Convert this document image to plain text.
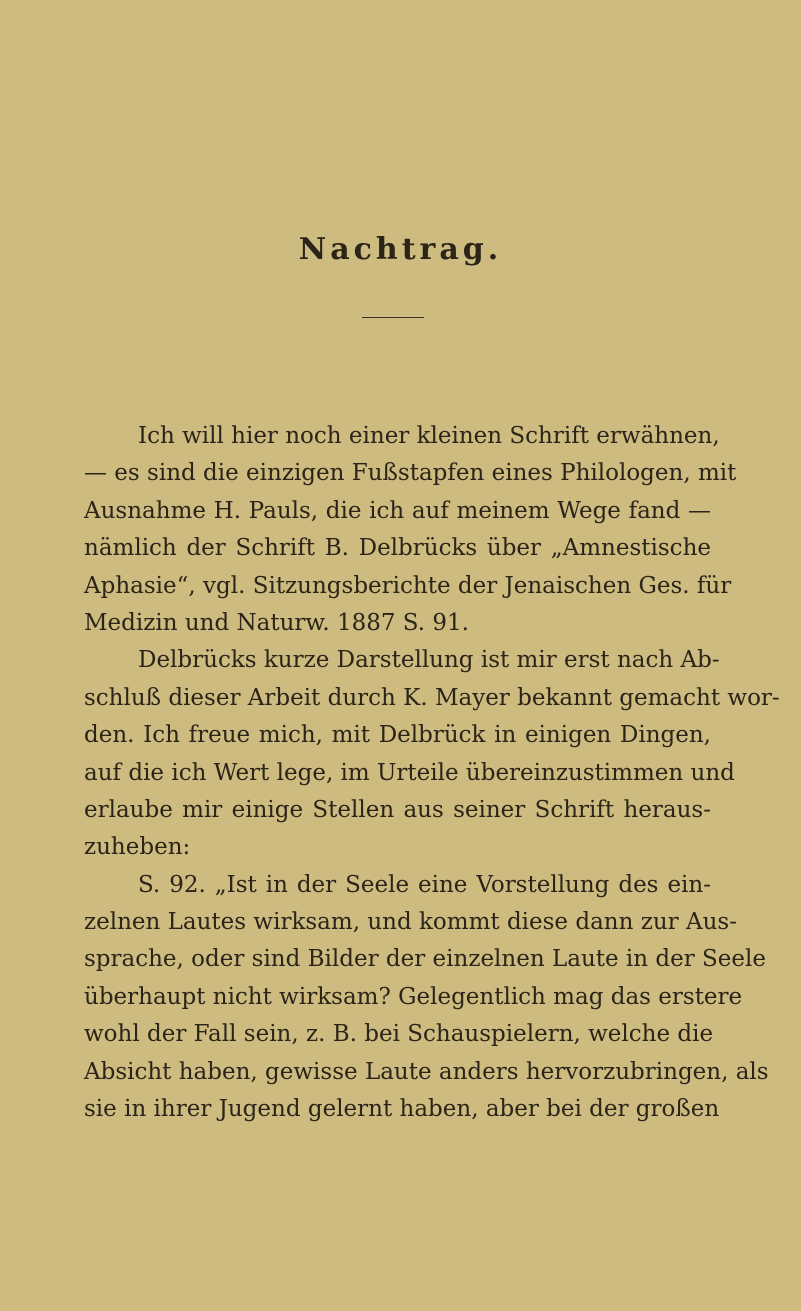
Nachtrag.
Ich will hier noch einer kleinen Schrift erwähnen,
— es sind die einzigen Fußstapfen eines Philologen, mit
Ausnahme H. Pauls, die ich auf meinem Wege fand —
nämlich der Schrift B. Delbrücks über „Amnestische
Aphasie“, vgl. Sitzungsberichte der Jenaischen Ges. für
Medizin und Naturw. 1887 S. 91.
Delbrücks kurze Darstellung ist mir erst nach Ab-
schluß dieser Arbeit durch K. Mayer bekannt gemacht wor-
den. Ich freue mich, mit Delbrück in einigen Dingen,
auf die ich Wert lege, im Urteile übereinzustimmen und
erlaube mir einige Stellen aus seiner Schrift heraus-
zuheben:
S. 92. „Ist in der Seele eine Vorstellung des ein-
zelnen Lautes wirksam, und kommt diese dann zur Aus-
sprache, oder sind Bilder der einzelnen Laute in der Seele
überhaupt nicht wirksam? Gelegentlich mag das erstere
wohl der Fall sein, z. B. bei Schauspielern, welche die
Absicht haben, gewisse Laute anders hervorzubringen, als
sie in ihrer Jugend gelernt haben, aber bei der großen
